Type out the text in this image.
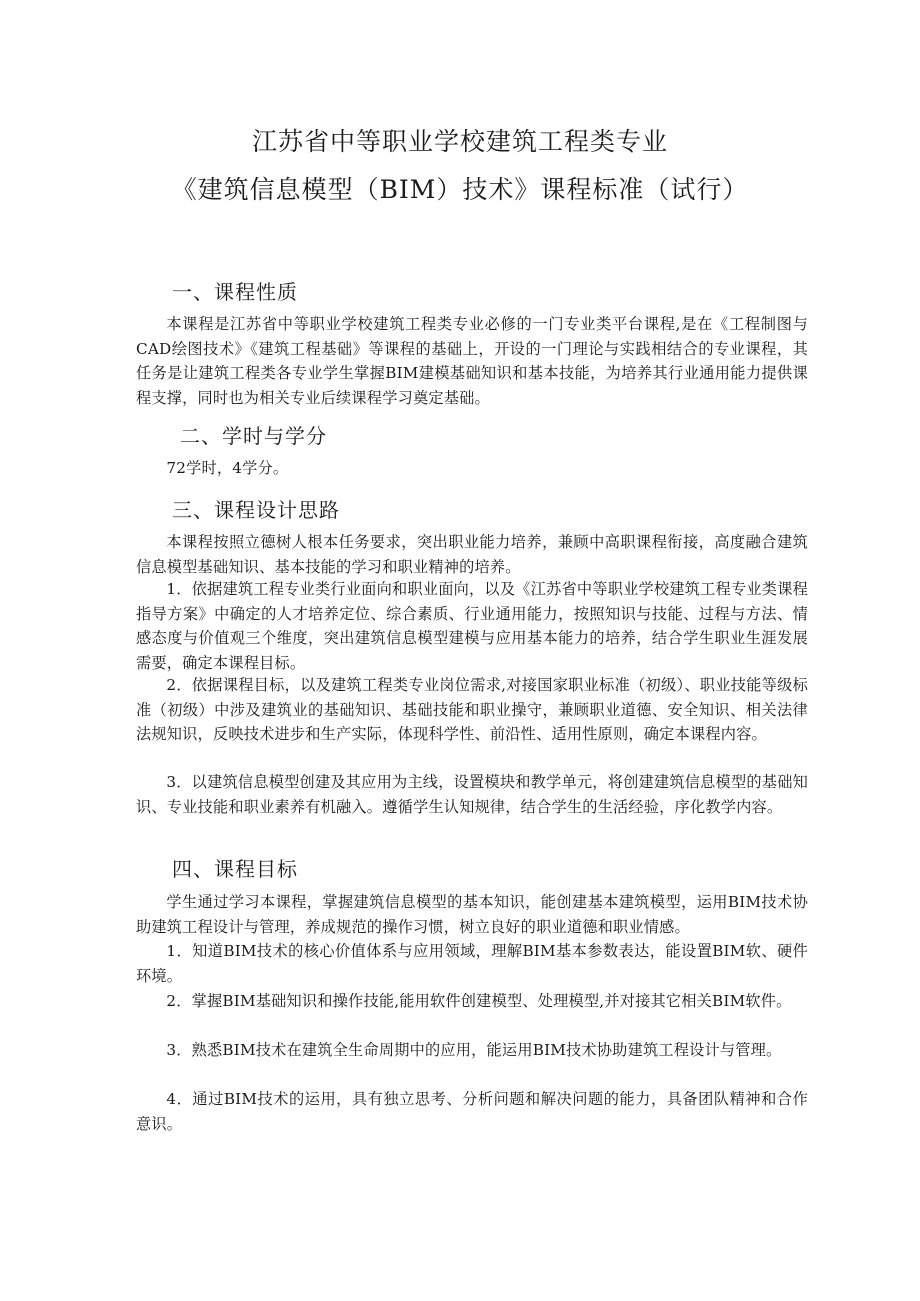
江苏省中等职业学校建筑工程类专业
《建筑信息模型（BIM）技术》课程标准（试行）
一、课程性质
本课程是江苏省中等职业学校建筑工程类专业必修的一门专业类平台课程,是在《工程制图与CAD绘图技术》《建筑工程基础》等课程的基础上，开设的一门理论与实践相结合的专业课程，其任务是让建筑工程类各专业学生掌握BIM建模基础知识和基本技能，为培养其行业通用能力提供课程支撑，同时也为相关专业后续课程学习奠定基础。
二、学时与学分
72学时，4学分。
三、课程设计思路
本课程按照立德树人根本任务要求，突出职业能力培养，兼顾中高职课程衔接，高度融合建筑信息模型基础知识、基本技能的学习和职业精神的培养。
1．依据建筑工程专业类行业面向和职业面向，以及《江苏省中等职业学校建筑工程专业类课程指导方案》中确定的人才培养定位、综合素质、行业通用能力，按照知识与技能、过程与方法、情感态度与价值观三个维度，突出建筑信息模型建模与应用基本能力的培养，结合学生职业生涯发展需要，确定本课程目标。
2．依据课程目标，以及建筑工程类专业岗位需求,对接国家职业标准（初级）、职业技能等级标准（初级）中涉及建筑业的基础知识、基础技能和职业操守，兼顾职业道德、安全知识、相关法律法规知识，反映技术进步和生产实际，体现科学性、前沿性、适用性原则，确定本课程内容。
3．以建筑信息模型创建及其应用为主线，设置模块和教学单元，将创建建筑信息模型的基础知识、专业技能和职业素养有机融入。遵循学生认知规律，结合学生的生活经验，序化教学内容。
四、课程目标
学生通过学习本课程，掌握建筑信息模型的基本知识，能创建基本建筑模型，运用BIM技术协助建筑工程设计与管理，养成规范的操作习惯，树立良好的职业道德和职业情感。
1．知道BIM技术的核心价值体系与应用领域，理解BIM基本参数表达，能设置BIM软、硬件环境。
2．掌握BIM基础知识和操作技能,能用软件创建模型、处理模型,并对接其它相关BIM软件。
3．熟悉BIM技术在建筑全生命周期中的应用，能运用BIM技术协助建筑工程设计与管理。
4．通过BIM技术的运用，具有独立思考、分析问题和解决问题的能力，具备团队精神和合作意识。
